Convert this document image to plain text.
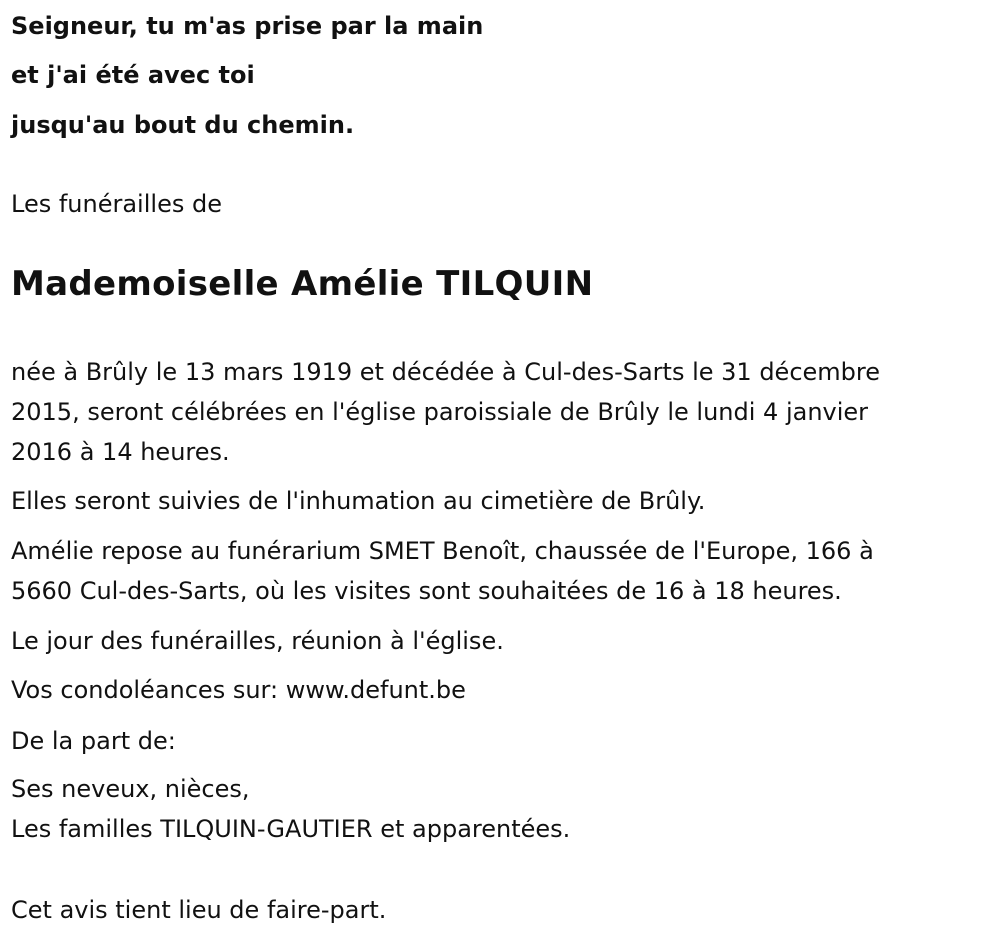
Seigneur, tu m'as prise par la main
et j'ai été avec toi
jusqu'au bout du chemin.
Les funérailles de
Mademoiselle Amélie TILQUIN
née à Brûly le 13 mars 1919 et décédée à Cul-des-Sarts le 31 décembre
2015, seront célébrées en l'église paroissiale de Brûly le lundi 4 janvier
2016 à 14 heures.
Elles seront suivies de l'inhumation au cimetière de Brûly.
Amélie repose au funérarium SMET Benoît, chaussée de l'Europe, 166 à
5660 Cul-des-Sarts, où les visites sont souhaitées de 16 à 18 heures.
Le jour des funérailles, réunion à l'église.
Vos condoléances sur: www.defunt.be
De la part de:
Ses neveux, nièces,
Les familles TILQUIN-GAUTIER et apparentées.
Cet avis tient lieu de faire-part.
